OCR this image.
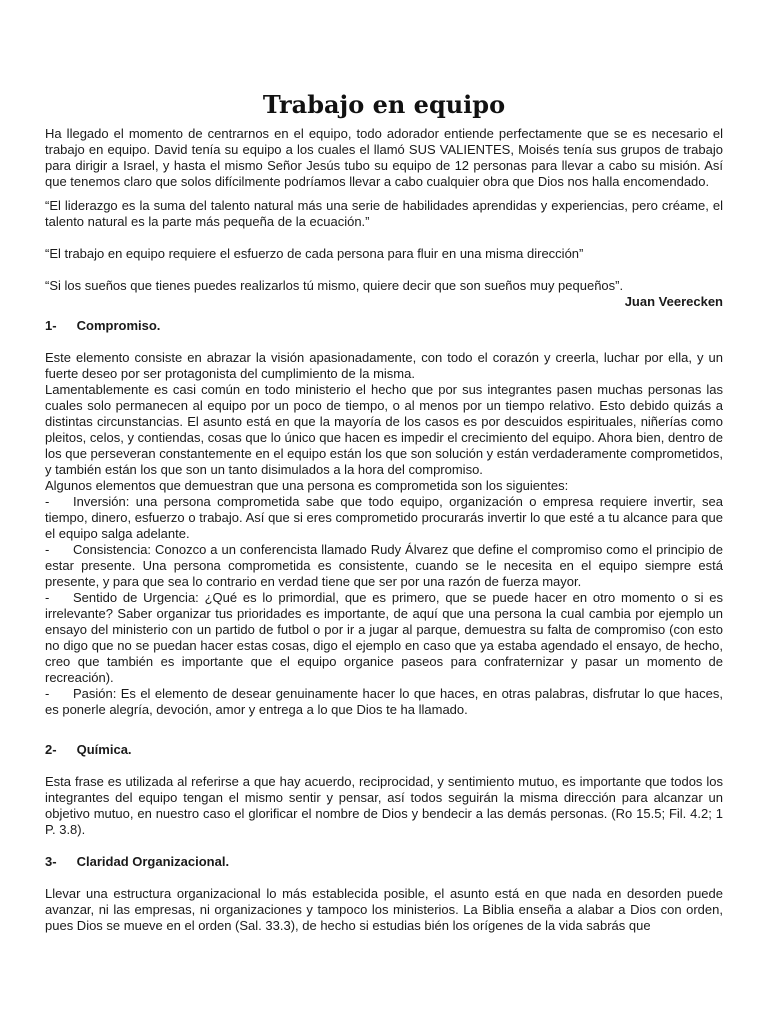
Trabajo en equipo

Ha llegado el momento de centrarnos en el equipo, todo adorador entiende perfectamente que se es necesario el trabajo en equipo. David tenía su equipo a los cuales el llamó SUS VALIENTES, Moisés tenía sus grupos de trabajo para dirigir a Israel, y hasta el mismo Señor Jesús tubo su equipo de 12 personas para llevar a cabo su misión. Así que tenemos claro que solos difícilmente podríamos llevar a cabo cualquier obra que Dios nos halla encomendado.

“El liderazgo es la suma del talento natural más una serie de habilidades aprendidas y experiencias, pero créame, el talento natural es la parte más pequeña de la ecuación.”

“El trabajo en equipo requiere el esfuerzo de cada persona para fluir en una misma dirección”

“Si los sueños que tienes puedes realizarlos tú mismo, quiere decir que son sueños muy pequeños”.

Juan Veerecken

1- Compromiso.

Este elemento consiste en abrazar la visión apasionadamente, con todo el corazón y creerla, luchar por ella, y un fuerte deseo por ser protagonista del cumplimiento de la misma.

Lamentablemente es casi común en todo ministerio el hecho que por sus integrantes pasen muchas personas las cuales solo permanecen al equipo por un poco de tiempo, o al menos por un tiempo relativo. Esto debido quizás a distintas circunstancias. El asunto está en que la mayoría de los casos es por descuidos espirituales, niñerías como pleitos, celos, y contiendas, cosas que lo único que hacen es impedir el crecimiento del equipo. Ahora bien, dentro de los que perseveran constantemente en el equipo están los que son solución y están verdaderamente comprometidos, y también están los que son un tanto disimulados a la hora del compromiso.

Algunos elementos que demuestran que una persona es comprometida son los siguientes:

- Inversión: una persona comprometida sabe que todo equipo, organización o empresa requiere invertir, sea tiempo, dinero, esfuerzo o trabajo. Así que si eres comprometido procurarás invertir lo que esté a tu alcance para que el equipo salga adelante.

- Consistencia: Conozco a un conferencista llamado Rudy Álvarez que define el compromiso como el principio de estar presente. Una persona comprometida es consistente, cuando se le necesita en el equipo siempre está presente, y para que sea lo contrario en verdad tiene que ser por una razón de fuerza mayor.

- Sentido de Urgencia: ¿Qué es lo primordial, que es primero, que se puede hacer en otro momento o si es irrelevante? Saber organizar tus prioridades es importante, de aquí que una persona la cual cambia por ejemplo un ensayo del ministerio con un partido de futbol o por ir a jugar al parque, demuestra su falta de compromiso (con esto no digo que no se puedan hacer estas cosas, digo el ejemplo en caso que ya estaba agendado el ensayo, de hecho, creo que también es importante que el equipo organice paseos para confraternizar y pasar un momento de recreación).

- Pasión: Es el elemento de desear genuinamente hacer lo que haces, en otras palabras, disfrutar lo que haces, es ponerle alegría, devoción, amor y entrega a lo que Dios te ha llamado.

2- Química.

Esta frase es utilizada al referirse a que hay acuerdo, reciprocidad, y sentimiento mutuo, es importante que todos los integrantes del equipo tengan el mismo sentir y pensar, así todos seguirán la misma dirección para alcanzar un objetivo mutuo, en nuestro caso el glorificar el nombre de Dios y bendecir a las demás personas. (Ro 15.5; Fil. 4.2; 1 P. 3.8).

3- Claridad Organizacional.

Llevar una estructura organizacional lo más establecida posible, el asunto está en que nada en desorden puede avanzar, ni las empresas, ni organizaciones y tampoco los ministerios. La Biblia enseña a alabar a Dios con orden, pues Dios se mueve en el orden (Sal. 33.3), de hecho si estudias bién los orígenes de la vida sabrás que
